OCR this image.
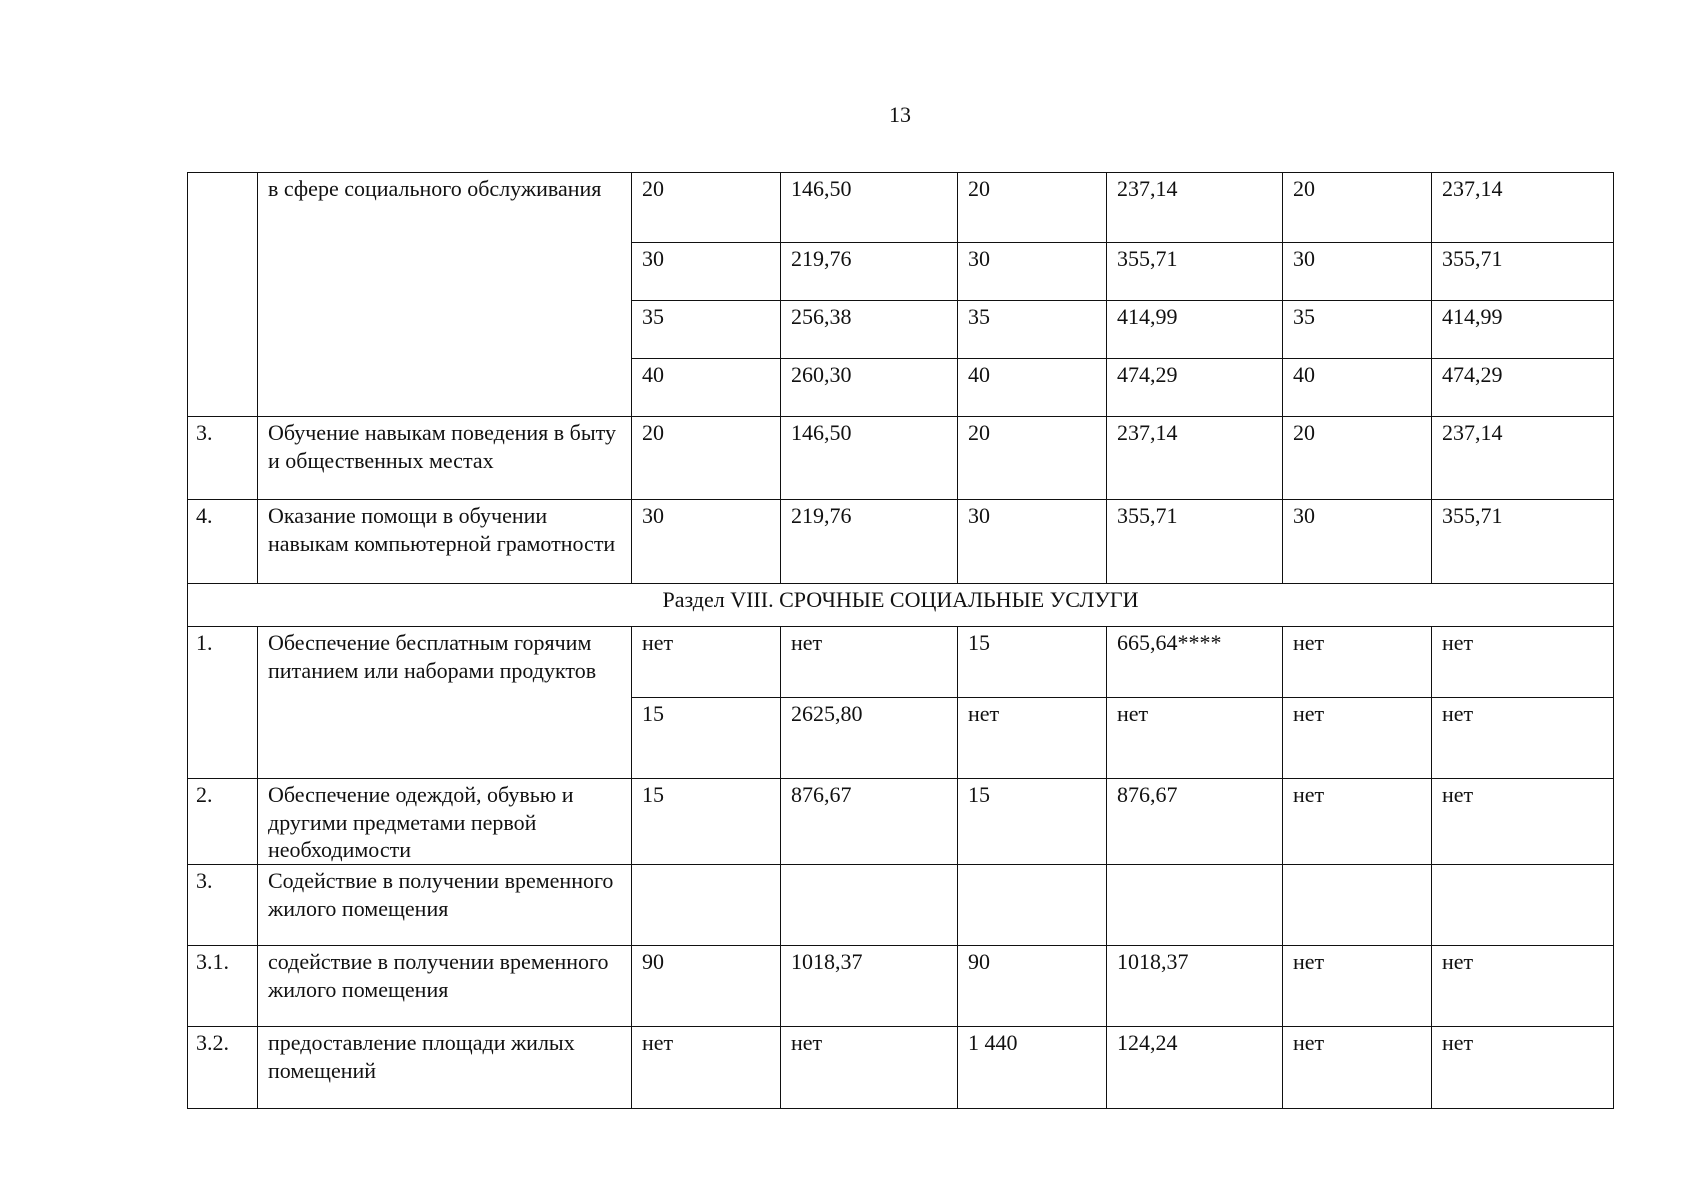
13
	в сфере социального обслуживания	20	146,50	20	237,14	20	237,14
		30	219,76	30	355,71	30	355,71
		35	256,38	35	414,99	35	414,99
		40	260,30	40	474,29	40	474,29
3.	Обучение навыкам поведения в быту и общественных местах	20	146,50	20	237,14	20	237,14
4.	Оказание помощи в обучении навыкам компьютерной грамотности	30	219,76	30	355,71	30	355,71
Раздел VIII. СРОЧНЫЕ СОЦИАЛЬНЫЕ УСЛУГИ							
1.	Обеспечение бесплатным горячим питанием или наборами продуктов	нет	нет	15	665,64****	нет	нет
		15	2625,80	нет	нет	нет	нет
2.	Обеспечение одеждой, обувью и другими предметами первой необходимости	15	876,67	15	876,67	нет	нет
3.	Содействие в получении временного жилого помещения						
3.1.	содействие в получении временного жилого помещения	90	1018,37	90	1018,37	нет	нет
3.2.	предоставление площади жилых помещений	нет	нет	1 440	124,24	нет	нет
